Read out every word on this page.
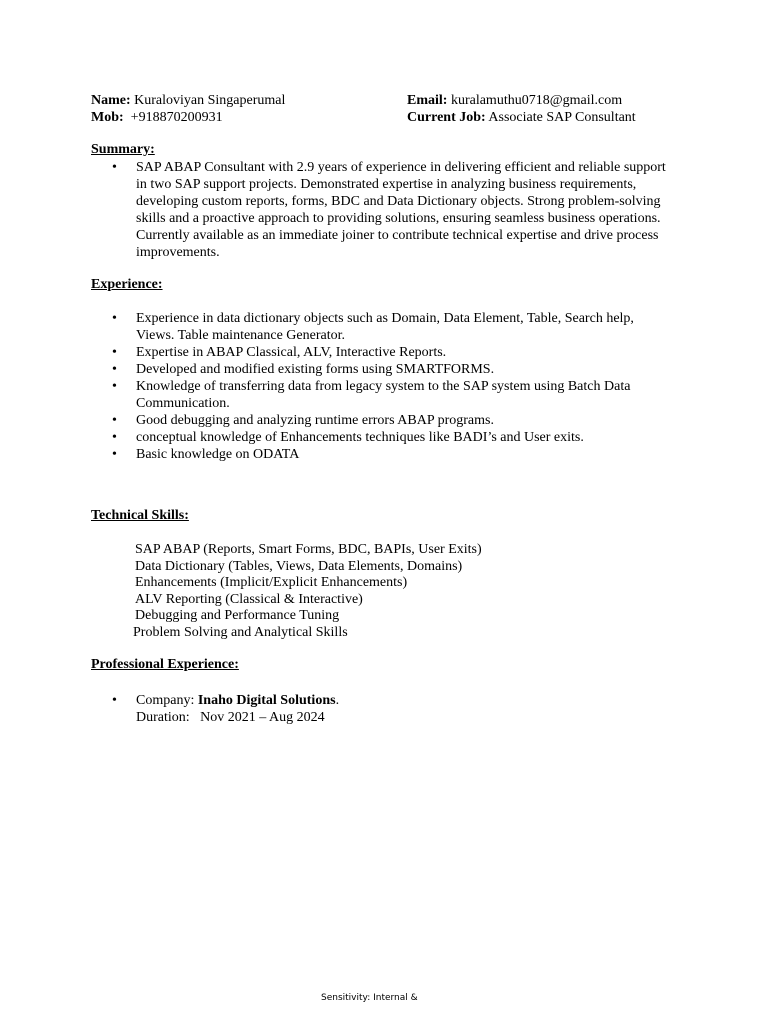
Name: Kuraloviyan Singaperumal	Email: kuralamuthu0718@gmail.com
Mob: +918870200931	Current Job: Associate SAP Consultant
Summary:
• SAP ABAP Consultant with 2.9 years of experience in delivering efficient and reliable support in two SAP support projects. Demonstrated expertise in analyzing business requirements, developing custom reports, forms, BDC and Data Dictionary objects. Strong problem-solving skills and a proactive approach to providing solutions, ensuring seamless business operations. Currently available as an immediate joiner to contribute technical expertise and drive process improvements.
Experience:
• Experience in data dictionary objects such as Domain, Data Element, Table, Search help, Views. Table maintenance Generator.
• Expertise in ABAP Classical, ALV, Interactive Reports.
• Developed and modified existing forms using SMARTFORMS.
• Knowledge of transferring data from legacy system to the SAP system using Batch Data Communication.
• Good debugging and analyzing runtime errors ABAP programs.
• conceptual knowledge of Enhancements techniques like BADI’s and User exits.
• Basic knowledge on ODATA
Technical Skills:
SAP ABAP (Reports, Smart Forms, BDC, BAPIs, User Exits)
Data Dictionary (Tables, Views, Data Elements, Domains)
Enhancements (Implicit/Explicit Enhancements)
ALV Reporting (Classical & Interactive)
Debugging and Performance Tuning
Problem Solving and Analytical Skills
Professional Experience:
• Company: Inaho Digital Solutions.
Duration: Nov 2021 – Aug 2024
Sensitivity: Internal &
